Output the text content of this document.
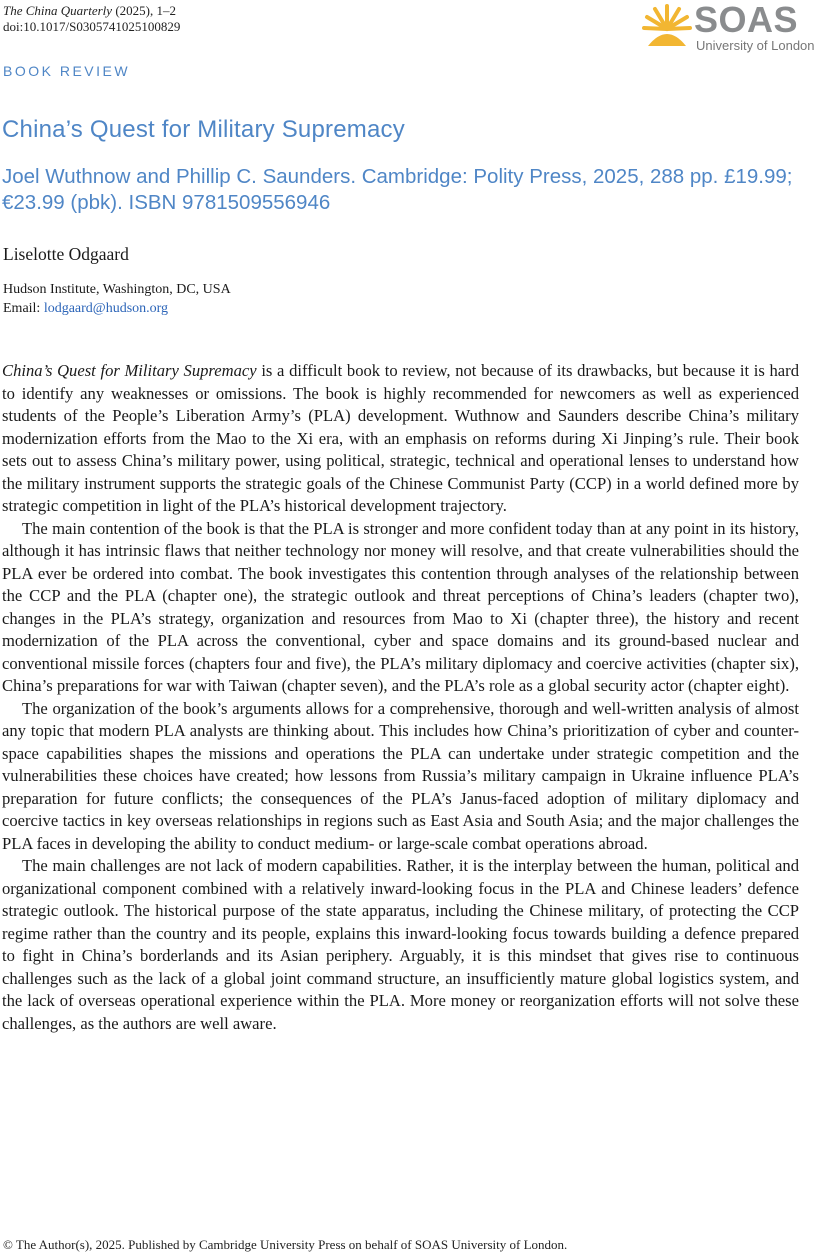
The China Quarterly (2025), 1–2
doi:10.1017/S0305741025100829	SOAS
University of London
BOOK REVIEW
China’s Quest for Military Supremacy
Joel Wuthnow and Phillip C. Saunders. Cambridge: Polity Press, 2025, 288 pp. £19.99; €23.99 (pbk). ISBN 9781509556946
Liselotte Odgaard
Hudson Institute, Washington, DC, USA
Email: lodgaard@hudson.org

China’s Quest for Military Supremacy is a difficult book to review, not because of its drawbacks, but because it is hard to identify any weaknesses or omissions. The book is highly recommended for newcomers as well as experienced students of the People’s Liberation Army’s (PLA) development. Wuthnow and Saunders describe China’s military modernization efforts from the Mao to the Xi era, with an emphasis on reforms during Xi Jinping’s rule. Their book sets out to assess China’s military power, using political, strategic, technical and operational lenses to understand how the military instrument supports the strategic goals of the Chinese Communist Party (CCP) in a world defined more by strategic competition in light of the PLA’s historical development trajectory.

The main contention of the book is that the PLA is stronger and more confident today than at any point in its history, although it has intrinsic flaws that neither technology nor money will resolve, and that create vulnerabilities should the PLA ever be ordered into combat. The book investigates this contention through analyses of the relationship between the CCP and the PLA (chapter one), the strategic outlook and threat perceptions of China’s leaders (chapter two), changes in the PLA’s strategy, organization and resources from Mao to Xi (chapter three), the history and recent modernization of the PLA across the conventional, cyber and space domains and its ground-based nuclear and conventional missile forces (chapters four and five), the PLA’s military diplomacy and coercive activities (chapter six), China’s preparations for war with Taiwan (chapter seven), and the PLA’s role as a global security actor (chapter eight).

The organization of the book’s arguments allows for a comprehensive, thorough and well-written analysis of almost any topic that modern PLA analysts are thinking about. This includes how China’s prioritization of cyber and counter-space capabilities shapes the missions and operations the PLA can undertake under strategic competition and the vulnerabilities these choices have created; how lessons from Russia’s military campaign in Ukraine influence PLA’s preparation for future conflicts; the consequences of the PLA’s Janus-faced adoption of military diplomacy and coercive tactics in key overseas relationships in regions such as East Asia and South Asia; and the major challenges the PLA faces in developing the ability to conduct medium- or large-scale combat operations abroad.

The main challenges are not lack of modern capabilities. Rather, it is the interplay between the human, political and organizational component combined with a relatively inward-looking focus in the PLA and Chinese leaders’ defence strategic outlook. The historical purpose of the state apparatus, including the Chinese military, of protecting the CCP regime rather than the country and its people, explains this inward-looking focus towards building a defence prepared to fight in China’s borderlands and its Asian periphery. Arguably, it is this mindset that gives rise to continuous challenges such as the lack of a global joint command structure, an insufficiently mature global logistics system, and the lack of overseas operational experience within the PLA. More money or reorganization efforts will not solve these challenges, as the authors are well aware.

© The Author(s), 2025. Published by Cambridge University Press on behalf of SOAS University of London.
